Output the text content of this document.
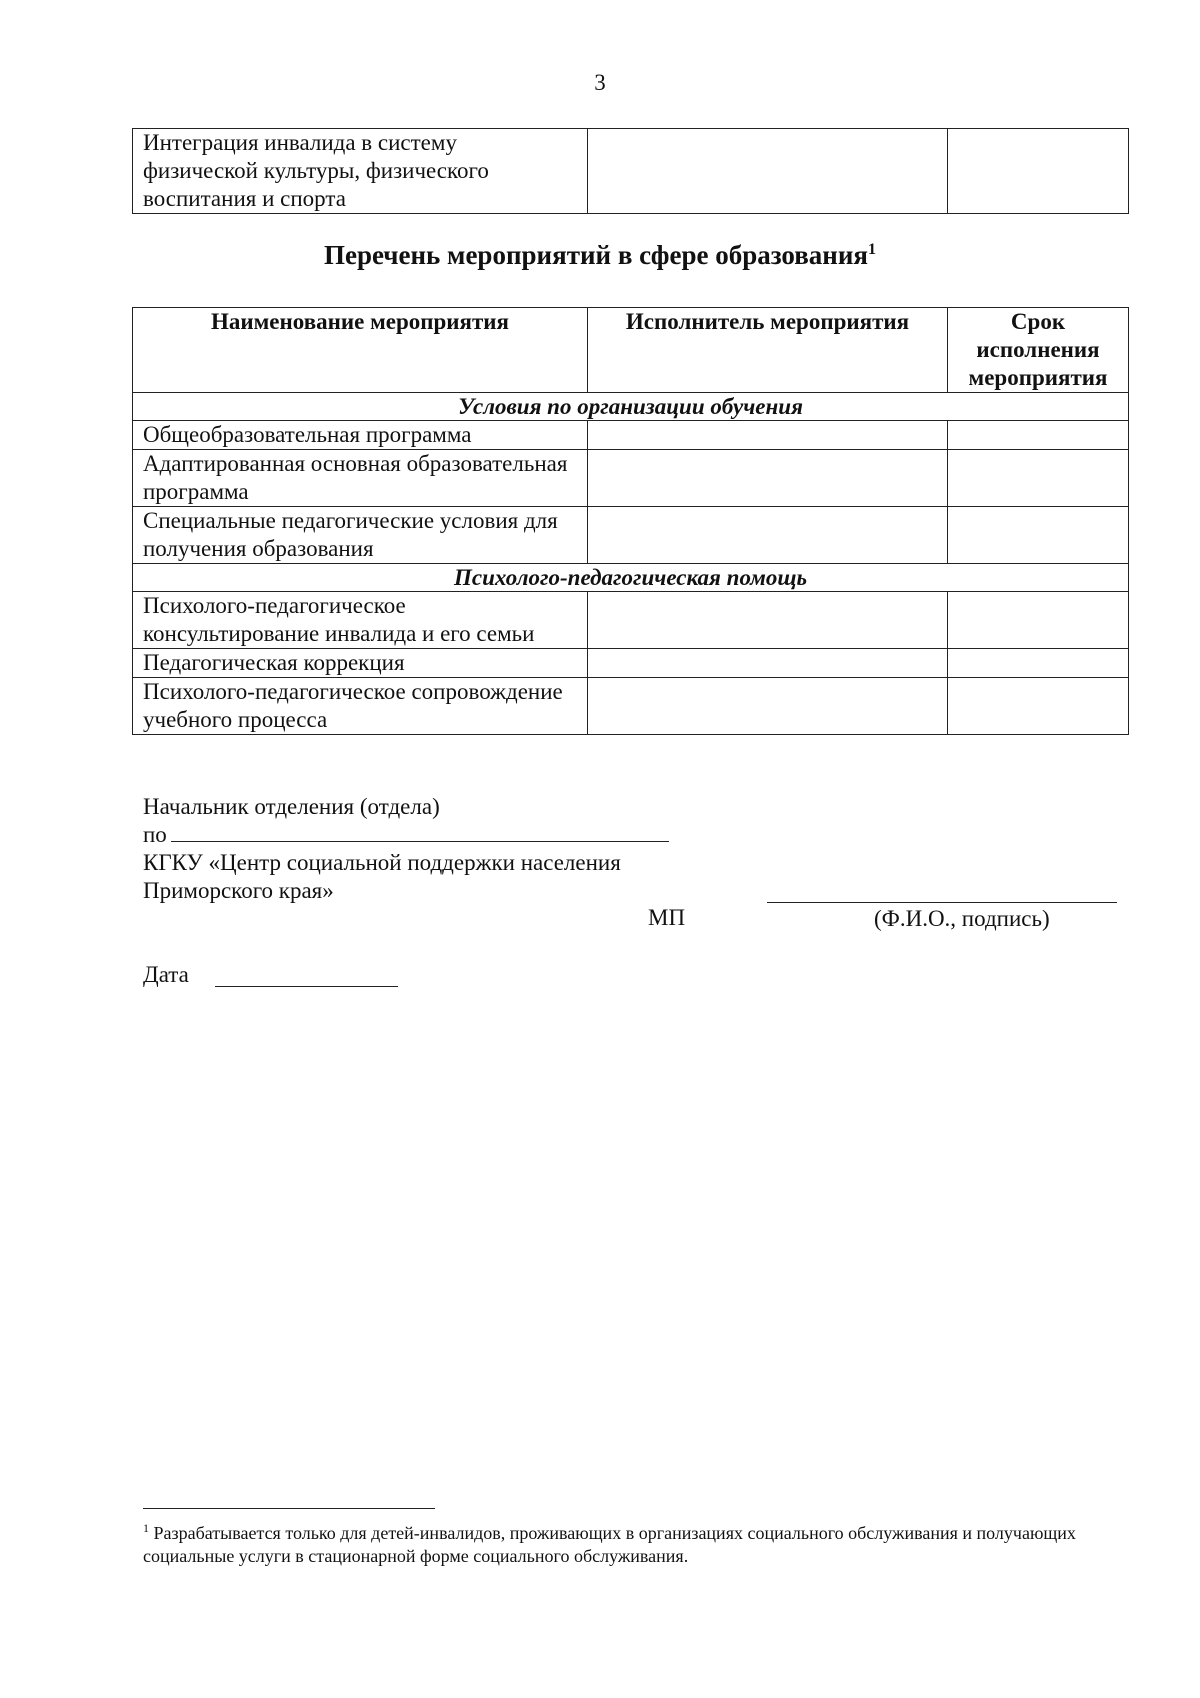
3
Интеграция инвалида в систему физической культуры, физического воспитания и спорта		
Перечень мероприятий в сфере образования$^1$
Наименование мероприятия	Исполнитель мероприятия	Срок исполнения мероприятия
Условия по организации обучения		
Общеобразовательная программа		
Адаптированная основная образовательная программа		
Специальные педагогические условия для получения образования		
Психолого-педагогическая помощь		
Психолого-педагогическое консультирование инвалида и его семьи		
Педагогическая коррекция		
Психолого-педагогическое сопровождение учебного процесса		
Начальник отделения (отдела)
по
КГКУ «Центр социальной поддержки населения
Приморского края»
МП	(Ф.И.О., подпись)
Дата
$^1$ Разрабатывается только для детей-инвалидов, проживающих в организациях социального обслуживания и получающих социальные услуги в стационарной форме социального обслуживания.
